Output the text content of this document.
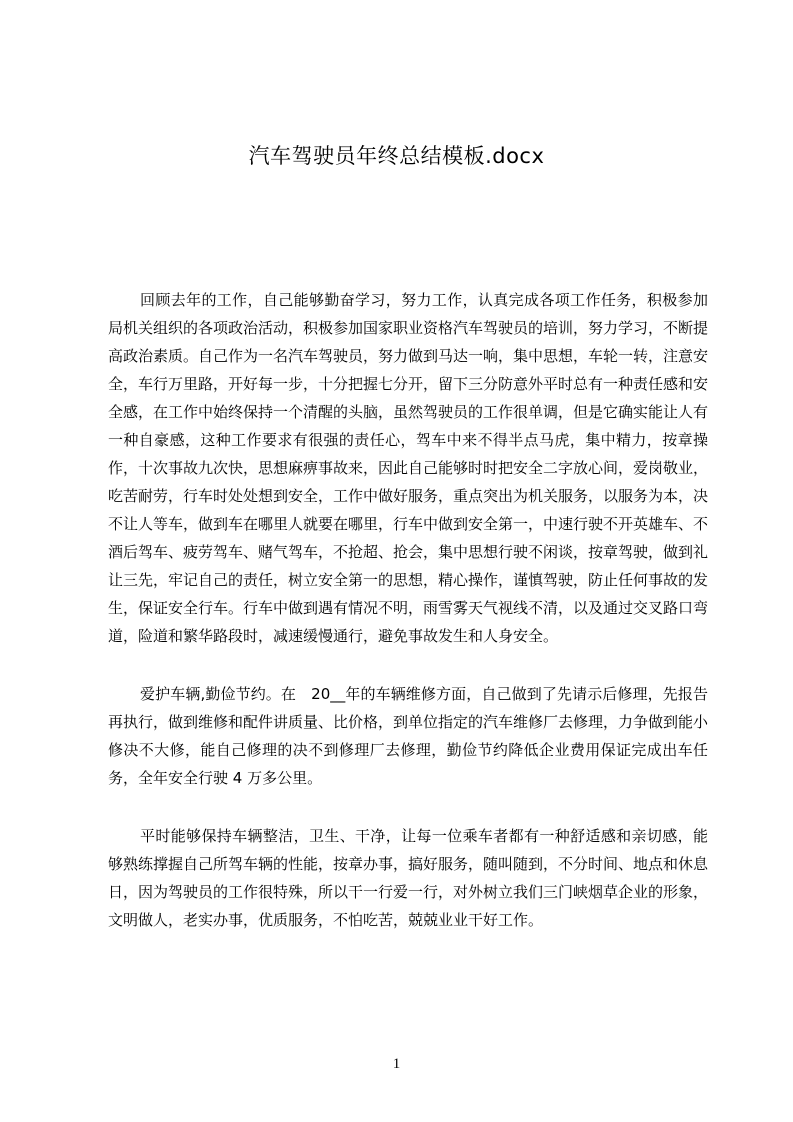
汽车驾驶员年终总结模板.docx

回顾去年的工作，自己能够勤奋学习，努力工作，认真完成各项工作任务，积极参加局机关组织的各项政治活动，积极参加国家职业资格汽车驾驶员的培训，努力学习，不断提高政治素质。自己作为一名汽车驾驶员，努力做到马达一响，集中思想，车轮一转，注意安全，车行万里路，开好每一步，十分把握七分开，留下三分防意外平时总有一种责任感和安全感，在工作中始终保持一个清醒的头脑，虽然驾驶员的工作很单调，但是它确实能让人有一种自豪感，这种工作要求有很强的责任心，驾车中来不得半点马虎，集中精力，按章操作，十次事故九次快，思想麻痹事故来，因此自己能够时时把安全二字放心间，爱岗敬业，吃苦耐劳，行车时处处想到安全，工作中做好服务，重点突出为机关服务，以服务为本，决不让人等车，做到车在哪里人就要在哪里，行车中做到安全第一，中速行驶不开英雄车、不酒后驾车、疲劳驾车、赌气驾车，不抢超、抢会，集中思想行驶不闲谈，按章驾驶，做到礼让三先，牢记自己的责任，树立安全第一的思想，精心操作，谨慎驾驶，防止任何事故的发生，保证安全行车。行车中做到遇有情况不明，雨雪雾天气视线不清，以及通过交叉路口弯道，险道和繁华路段时，减速缓慢通行，避免事故发生和人身安全。

爱护车辆,勤俭节约。在　20__年的车辆维修方面，自己做到了先请示后修理，先报告再执行，做到维修和配件讲质量、比价格，到单位指定的汽车维修厂去修理，力争做到能小修决不大修，能自己修理的决不到修理厂去修理，勤俭节约降低企业费用保证完成出车任务，全年安全行驶 4 万多公里。

平时能够保持车辆整洁，卫生、干净，让每一位乘车者都有一种舒适感和亲切感，能够熟练撑握自己所驾车辆的性能，按章办事，搞好服务，随叫随到，不分时间、地点和休息日，因为驾驶员的工作很特殊，所以干一行爱一行，对外树立我们三门峡烟草企业的形象，文明做人，老实办事，优质服务，不怕吃苦，兢兢业业干好工作。

1
